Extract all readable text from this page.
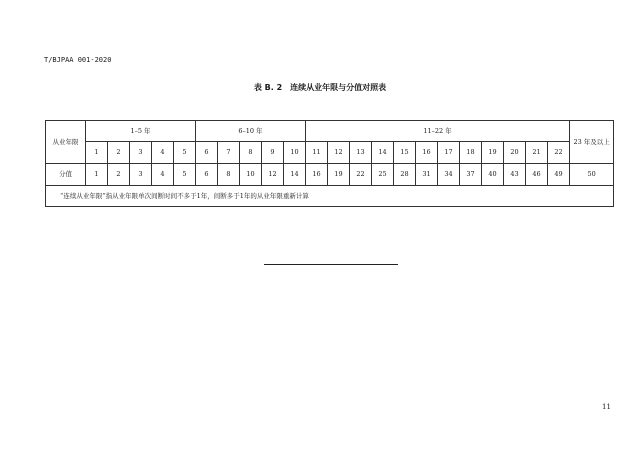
T/BJPAA 001-2020
表 B. 2　连续从业年限与分值对照表
从业年限	1–5 年					6–10 年					11–22 年												23 年及以上
	1	2	3	4	5	6	7	8	9	10	11	12	13	14	15	16	17	18	19	20	21	22	
分值	1	2	3	4	5	6	8	10	12	14	16	19	22	25	28	31	34	37	40	43	46	49	50
“连续从业年限”指从业年限单次间断时间不多于1年，间断多于1年的从业年限重新计算																							
11
